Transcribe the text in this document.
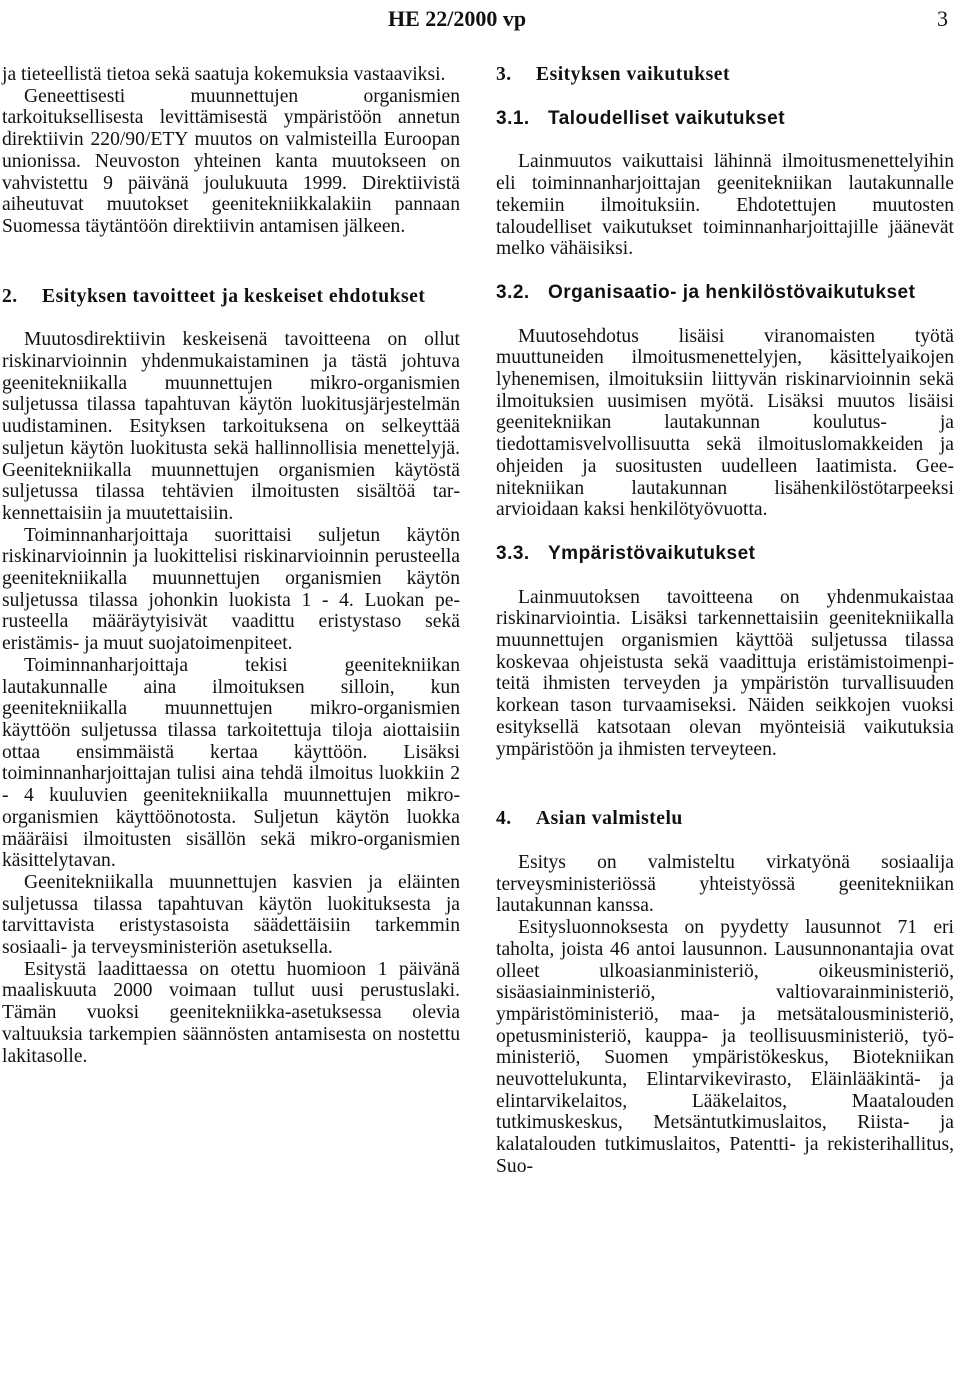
HE 22/2000 vp	3

ja tieteellistä tietoa sekä saatuja kokemuksia vastaaviksi.

Geneettisesti muunnettujen organismien tarkoituksellisesta levittämisestä ympäristöön annetun direktiivin 220/90/ETY muutos on valmisteilla Euroopan unionissa. Neuvoston yhteinen kanta muutokseen on vahvistettu 9 päivänä joulukuuta 1999. Direktiivistä aiheutuvat muutokset geenitekniikkalakiin pannaan Suomessa täytäntöön direktiivin antamisen jälkeen.

2. Esityksen tavoitteet ja keskeiset ehdotukset

Muutosdirektiivin keskeisenä tavoitteena on ollut riskinarvioinnin yhdenmukaistaminen ja tästä johtuva geenitekniikalla muunnettujen mikro-organismien suljetussa tilassa tapahtuvan käytön luokitusjärjestelmän uudistaminen. Esityksen tarkoituksena on selkeyttää suljetun käytön luokitusta sekä hallinnollisia menettelyjä. Geenitekniikalla muunnettujen organismien käytöstä suljetussa tilassa tehtävien ilmoitusten sisältöä tarkennettaisiin ja muutettaisiin.

Toiminnanharjoittaja suorittaisi suljetun käytön riskinarvioinnin ja luokittelisi riskinarvioinnin perusteella geenitekniikalla muunnettujen organismien käytön suljetussa tilassa johonkin luokista 1 - 4. Luokan perusteella määräytyisivät vaadittu eristystaso sekä eristämis- ja muut suojatoimenpiteet.

Toiminnanharjoittaja tekisi geenitekniikan lautakunnalle aina ilmoituksen silloin, kun geenitekniikalla muunnettujen mikro-organismien käyttöön suljetussa tilassa tarkoitettuja tiloja aiottaisiin ottaa ensimmäistä kertaa käyttöön. Lisäksi toiminnanharjoittajan tulisi aina tehdä ilmoitus luokkiin 2 - 4 kuuluvien geenitekniikalla muunnettujen mikroorganismien käyttöönotosta. Suljetun käytön luokka määräisi ilmoitusten sisällön sekä mikro-organismien käsittelytavan.

Geenitekniikalla muunnettujen kasvien ja eläinten suljetussa tilassa tapahtuvan käytön luokituksesta ja tarvittavista eristystasoista säädettäisiin tarkemmin sosiaali- ja terveysministeriön asetuksella.

Esitystä laadittaessa on otettu huomioon 1 päivänä maaliskuuta 2000 voimaan tullut uusi perustuslaki. Tämän vuoksi geenitekniikka-asetuksessa olevia valtuuksia tarkempien säännösten antamisesta on nostettu lakitasolle.

3. Esityksen vaikutukset
3.1. Taloudelliset vaikutukset

Lainmuutos vaikuttaisi lähinnä ilmoitusmenettelyihin eli toiminnanharjoittajan geenitekniikan lautakunnalle tekemiin ilmoituksiin. Ehdotettujen muutosten taloudelliset vaikutukset toiminnanharjoittajille jäänevät melko vähäisiksi.

3.2. Organisaatio- ja henkilöstövaikutukset

Muutosehdotus lisäisi viranomaisten työtä muuttuneiden ilmoitusmenettelyjen, käsittelyaikojen lyhenemisen, ilmoituksiin liittyvän riskinarvioinnin sekä ilmoituksien uusimisen myötä. Lisäksi muutos lisäisi geenitekniikan lautakunnan koulutus- ja tiedottamisvelvollisuutta sekä ilmoituslomakkeiden ja ohjeiden ja suositusten uudelleen laatimista. Geenitekniikan lautakunnan lisähenkilöstötarpeeksi arvioidaan kaksi henkilötyövuotta.

3.3. Ympäristövaikutukset

Lainmuutoksen tavoitteena on yhdenmukaistaa riskinarviointia. Lisäksi tarkennettaisiin geenitekniikalla muunnettujen organismien käyttöä suljetussa tilassa koskevaa ohjeistusta sekä vaadittuja eristämistoimenpiteitä ihmisten terveyden ja ympäristön turvallisuuden korkean tason turvaamiseksi. Näiden seikkojen vuoksi esityksellä katsotaan olevan myönteisiä vaikutuksia ympäristöön ja ihmisten terveyteen.

4. Asian valmistelu

Esitys on valmisteltu virkatyönä sosiaalija terveysministeriössä yhteistyössä geenitekniikan lautakunnan kanssa.

Esitysluonnoksesta on pyydetty lausunnot 71 eri taholta, joista 46 antoi lausunnon. Lausunnonantajia ovat olleet ulkoasianministeriö, oikeusministeriö, sisäasiainministeriö, valtiovarainministeriö, ympäristöministeriö, maa- ja metsätalousministeriö, opetusministeriö, kauppa- ja teollisuusministeriö, työministeriö, Suomen ympäristökeskus, Biotekniikan neuvottelukunta, Elintarvikevirasto, Eläinlääkintä- ja elintarvikelaitos, Lääkelaitos, Maatalouden tutkimuskeskus, Metsäntutkimuslaitos, Riista- ja kalatalouden tutkimuslaitos, Patentti- ja rekisterihallitus, Suo-
